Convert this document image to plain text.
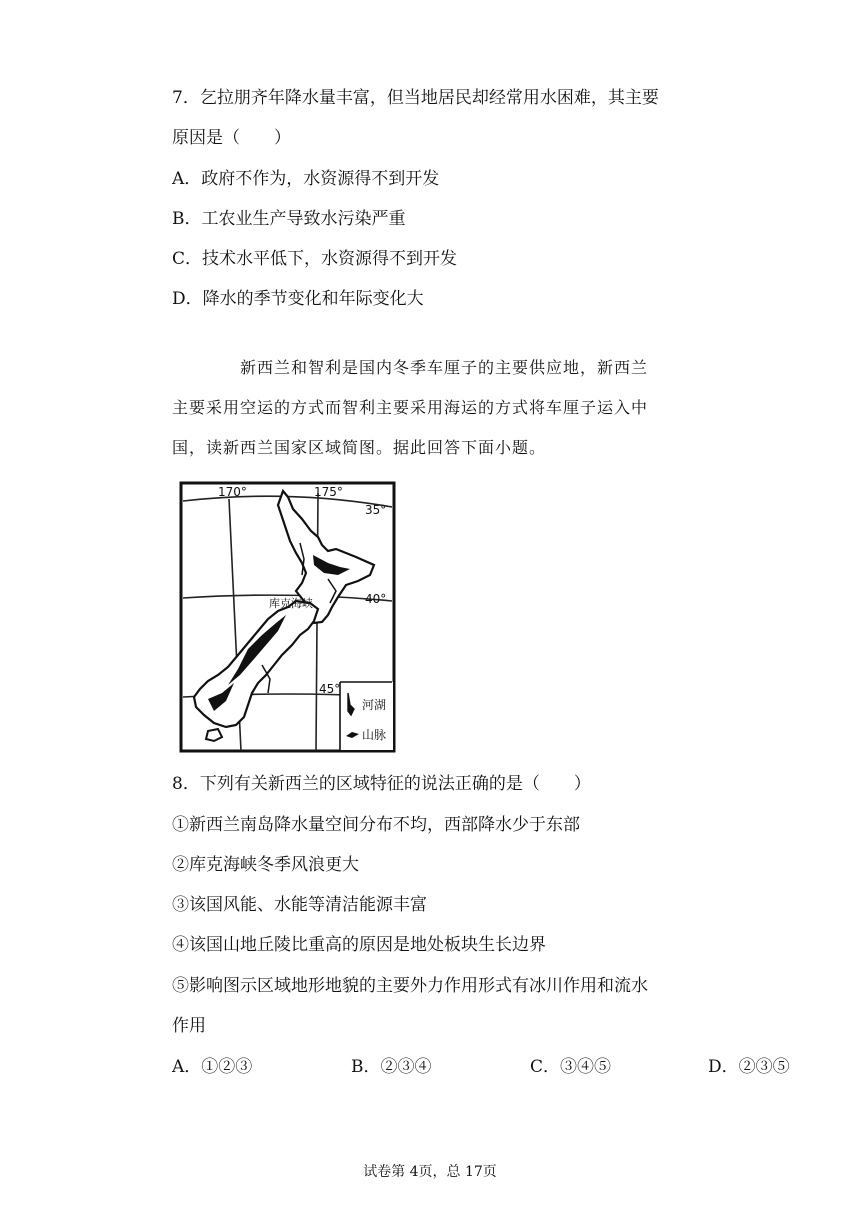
7．乞拉朋齐年降水量丰富，但当地居民却经常用水困难，其主要
原因是（　　）
A．政府不作为，水资源得不到开发
B．工农业生产导致水污染严重
C．技术水平低下，水资源得不到开发
D．降水的季节变化和年际变化大
新西兰和智利是国内冬季车厘子的主要供应地，新西兰
主要采用空运的方式而智利主要采用海运的方式将车厘子运入中
国，读新西兰国家区域简图。据此回答下面小题。
库克海峡
170°	175°
35°
40°
45°
河湖
山脉
8．下列有关新西兰的区域特征的说法正确的是（　　）
①新西兰南岛降水量空间分布不均，西部降水少于东部
②库克海峡冬季风浪更大
③该国风能、水能等清洁能源丰富
④该国山地丘陵比重高的原因是地处板块生长边界
⑤影响图示区域地形地貌的主要外力作用形式有冰川作用和流水
作用
A．①②③	B．②③④	C．③④⑤	D．②③⑤
试卷第 4页，总 17页
